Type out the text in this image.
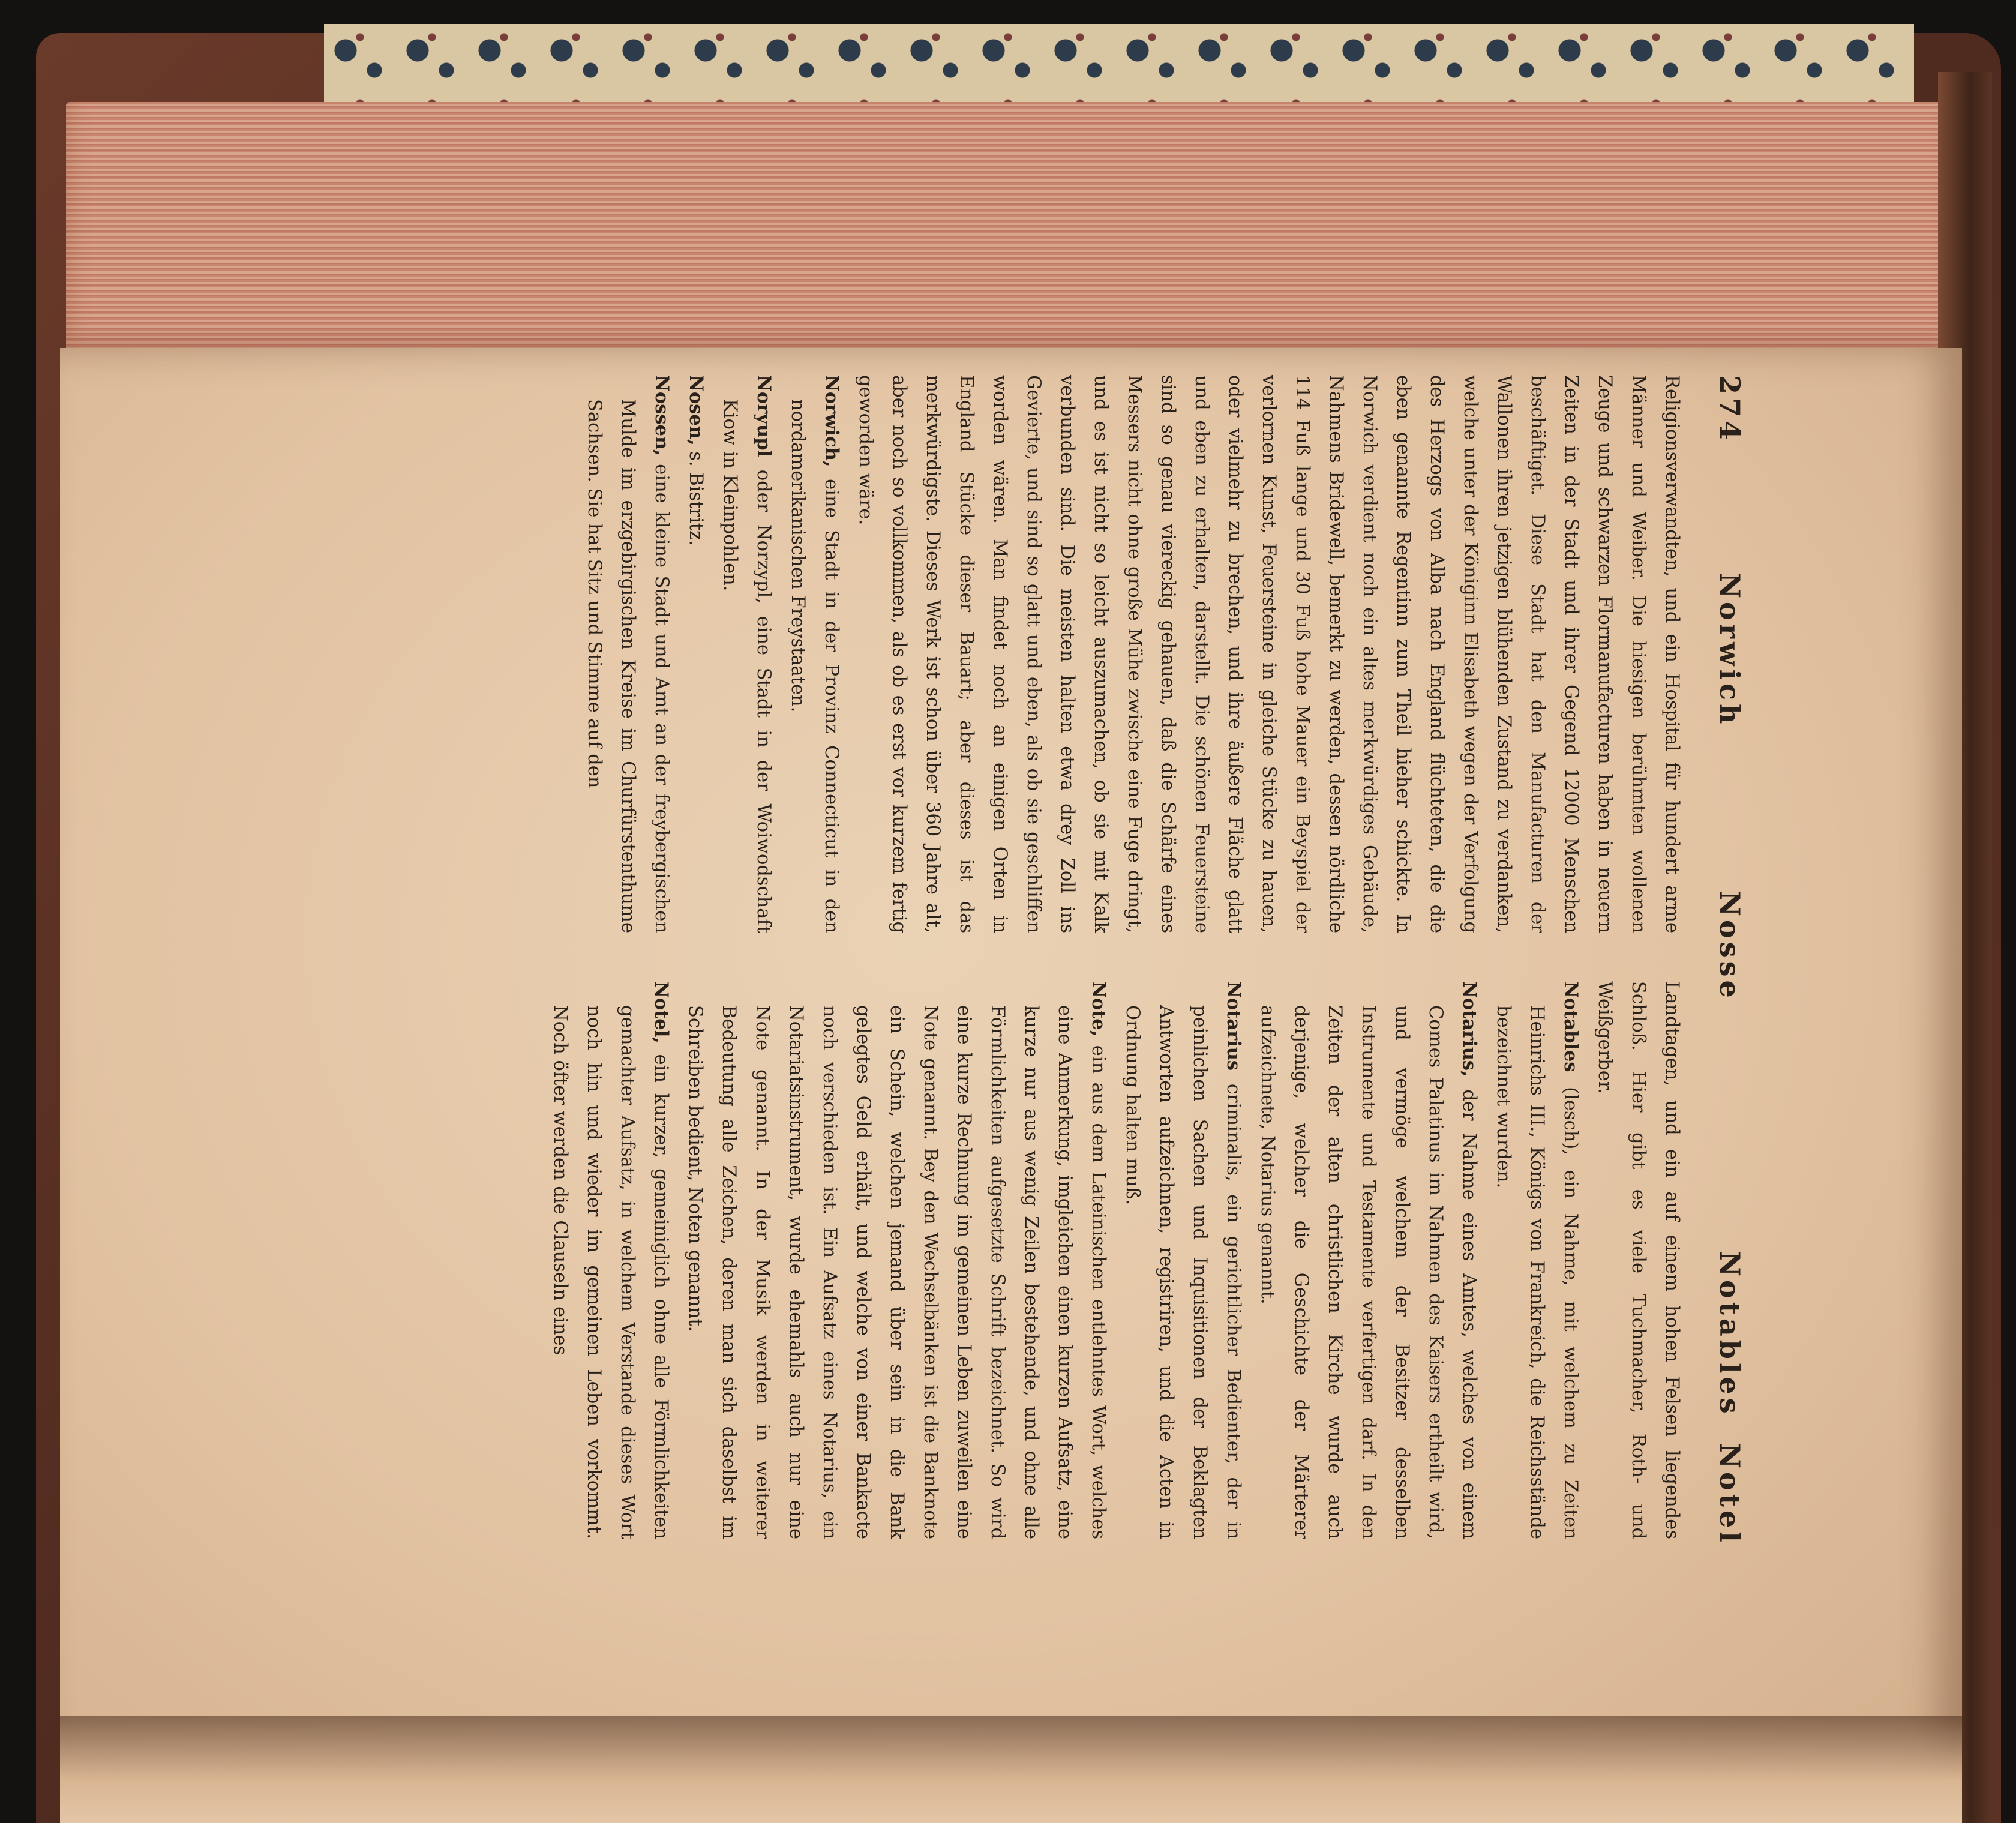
274
Norwich
Nosse
Notables
Notel

Religionsverwandten, und ein Hospital für hundert arme Männer und Weiber. Die hiesigen berühmten wollenen Zeuge und schwarzen Flormanufacturen haben in neuern Zeiten in der Stadt und ihrer Gegend 12000 Menschen beschäftiget. Diese Stadt hat den Manufacturen der Wallonen ihren jetzigen blühenden Zustand zu verdanken, welche unter der Königinn Elisabeth wegen der Verfolgung des Herzogs von Alba nach England flüchteten, die die eben genannte Regentinn zum Theil hieher schickte. In Norwich verdient noch ein altes merkwürdiges Gebäude, Nahmens Bridewell, bemerkt zu werden, dessen nördliche 114 Fuß lange und 30 Fuß hohe Mauer ein Beyspiel der verlornen Kunst, Feuersteine in gleiche Stücke zu hauen, oder vielmehr zu brechen, und ihre äußere Fläche glatt und eben zu erhalten, darstellt. Die schönen Feuersteine sind so genau viereckig gehauen, daß die Schärfe eines Messers nicht ohne große Mühe zwische eine Fuge dringt, und es ist nicht so leicht auszumachen, ob sie mit Kalk verbunden sind. Die meisten halten etwa drey Zoll ins Gevierte, und sind so glatt und eben, als ob sie geschliffen worden wären. Man findet noch an einigen Orten in England Stücke dieser Bauart; aber dieses ist das merkwürdigste. Dieses Werk ist schon über 360 Jahre alt, aber noch so vollkommen, als ob es erst vor kurzem fertig geworden wäre.

Norwich, eine Stadt in der Provinz Connecticut in den nordamerikanischen Freystaaten.

Noryupl oder Norzypl, eine Stadt in der Woiwodschaft Kiow in Kleinpohlen.

Nosen, s. Bistritz.

Nossen, eine kleine Stadt und Amt an der freybergischen Mulde im erzgebirgischen Kreise im Churfürstenthume Sachsen. Sie hat Sitz und Stimme auf den

Landtagen, und ein auf einem hohen Felsen liegendes Schloß. Hier gibt es viele Tuchmacher, Roth- und Weißgerber.

Notables (lesch), ein Nahme, mit welchem zu Zeiten Heinrichs III., Königs von Frankreich, die Reichsstände bezeichnet wurden.

Notarius, der Nahme eines Amtes, welches von einem Comes Palatinus im Nahmen des Kaisers ertheilt wird, und vermöge welchem der Besitzer desselben Instrumente und Testamente verfertigen darf. In den Zeiten der alten christlichen Kirche wurde auch derjenige, welcher die Geschichte der Märterer aufzeichnete, Notarius genannt.

Notarius criminalis, ein gerichtlicher Bedienter, der in peinlichen Sachen und Inquisitionen der Beklagten Antworten aufzeichnen, registriren, und die Acten in Ordnung halten muß.

Note, ein aus dem Lateinischen entlehntes Wort, welches eine Anmerkung, imgleichen einen kurzen Aufsatz, eine kurze nur aus wenig Zeilen bestehende, und ohne alle Förmlichkeiten aufgesetzte Schrift bezeichnet. So wird eine kurze Rechnung im gemeinen Leben zuweilen eine Note genannt. Bey den Wechselbänken ist die Banknote ein Schein, welchen jemand über sein in die Bank gelegtes Geld erhält, und welche von einer Bankacte noch verschieden ist. Ein Aufsatz eines Notarius, ein Notariatsinstrument, wurde ehemahls auch nur eine Note genannt. In der Musik werden in weiterer Bedeutung alle Zeichen, deren man sich daselbst im Schreiben bedient, Noten genannt.

Notel, ein kurzer, gemeiniglich ohne alle Förmlichkeiten gemachter Aufsatz, in welchem Verstande dieses Wort noch hin und wieder im gemeinen Leben vorkommt. Noch öfter werden die Clauseln eines
